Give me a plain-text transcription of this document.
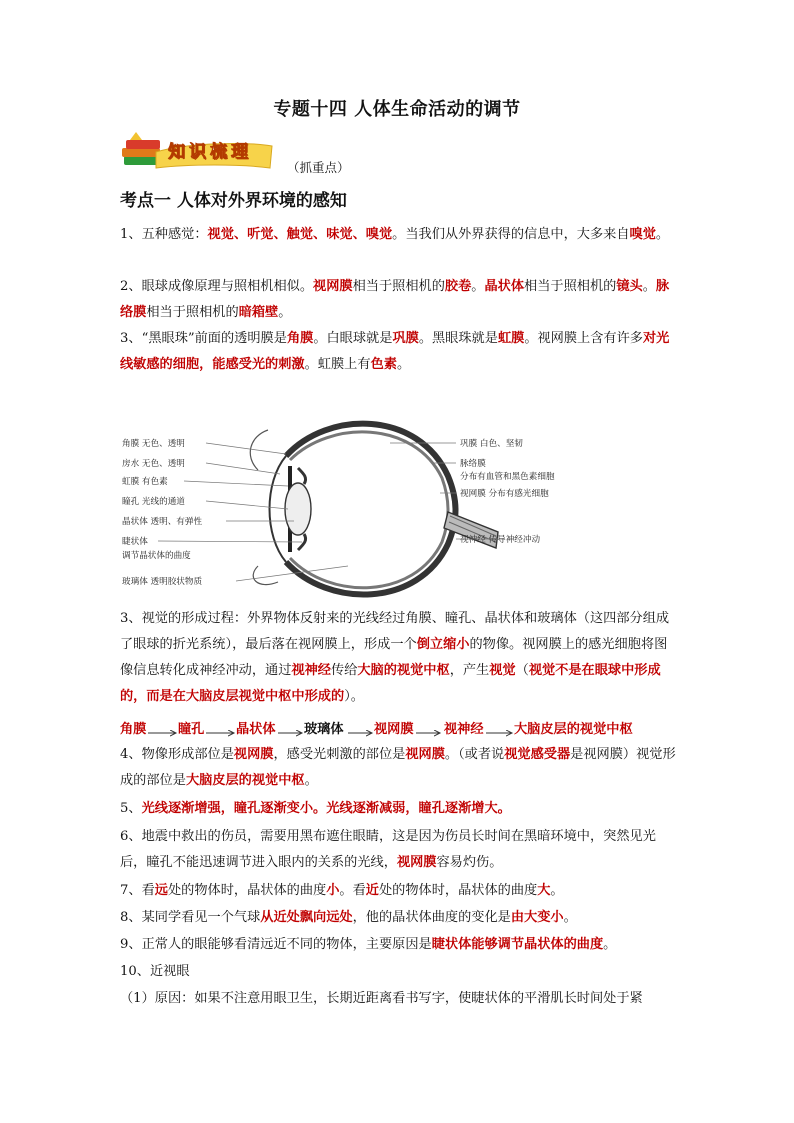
专题十四 人体生命活动的调节
知识梳理
（抓重点）
考点一 人体对外界环境的感知

1、五种感觉：视觉、听觉、触觉、味觉、嗅觉。当我们从外界获得的信息中，大多来自嗅觉。

2、眼球成像原理与照相机相似。视网膜相当于照相机的胶卷。晶状体相当于照相机的镜头。脉络膜相当于照相机的暗箱壁。

3、“黑眼珠”前面的透明膜是角膜。白眼球就是巩膜。黑眼珠就是虹膜。视网膜上含有许多对光线敏感的细胞，能感受光的刺激。虹膜上有色素。

角膜 无色、透明
房水 无色、透明
虹膜 有色素
瞳孔 光线的通道
晶状体 透明、有弹性
睫状体
调节晶状体的曲度
玻璃体 透明胶状物质
巩膜 白色、坚韧
脉络膜
分布有血管和黑色素细胞
视网膜 分布有感光细胞
视神经 传导神经冲动

3、视觉的形成过程：外界物体反射来的光线经过角膜、瞳孔、晶状体和玻璃体（这四部分组成了眼球的折光系统），最后落在视网膜上，形成一个倒立缩小的物像。视网膜上的感光细胞将图像信息转化成神经冲动，通过视神经传给大脑的视觉中枢，产生视觉（视觉不是在眼球中形成的，而是在大脑皮层视觉中枢中形成的）。

角膜 瞳孔 晶状体 玻璃体 视网膜 视神经 大脑皮层的视觉中枢

4、物像形成部位是视网膜，感受光刺激的部位是视网膜。（或者说视觉感受器是视网膜）视觉形成的部位是大脑皮层的视觉中枢。

5、光线逐渐增强，瞳孔逐渐变小。光线逐渐减弱，瞳孔逐渐增大。

6、地震中救出的伤员，需要用黑布遮住眼睛，这是因为伤员长时间在黑暗环境中，突然见光后，瞳孔不能迅速调节进入眼内的关系的光线，视网膜容易灼伤。

7、看远处的物体时，晶状体的曲度小。看近处的物体时，晶状体的曲度大。

8、某同学看见一个气球从近处飘向远处，他的晶状体曲度的变化是由大变小。

9、正常人的眼能够看清远近不同的物体，主要原因是睫状体能够调节晶状体的曲度。

10、近视眼

（1）原因：如果不注意用眼卫生，长期近距离看书写字，使睫状体的平滑肌长时间处于紧
